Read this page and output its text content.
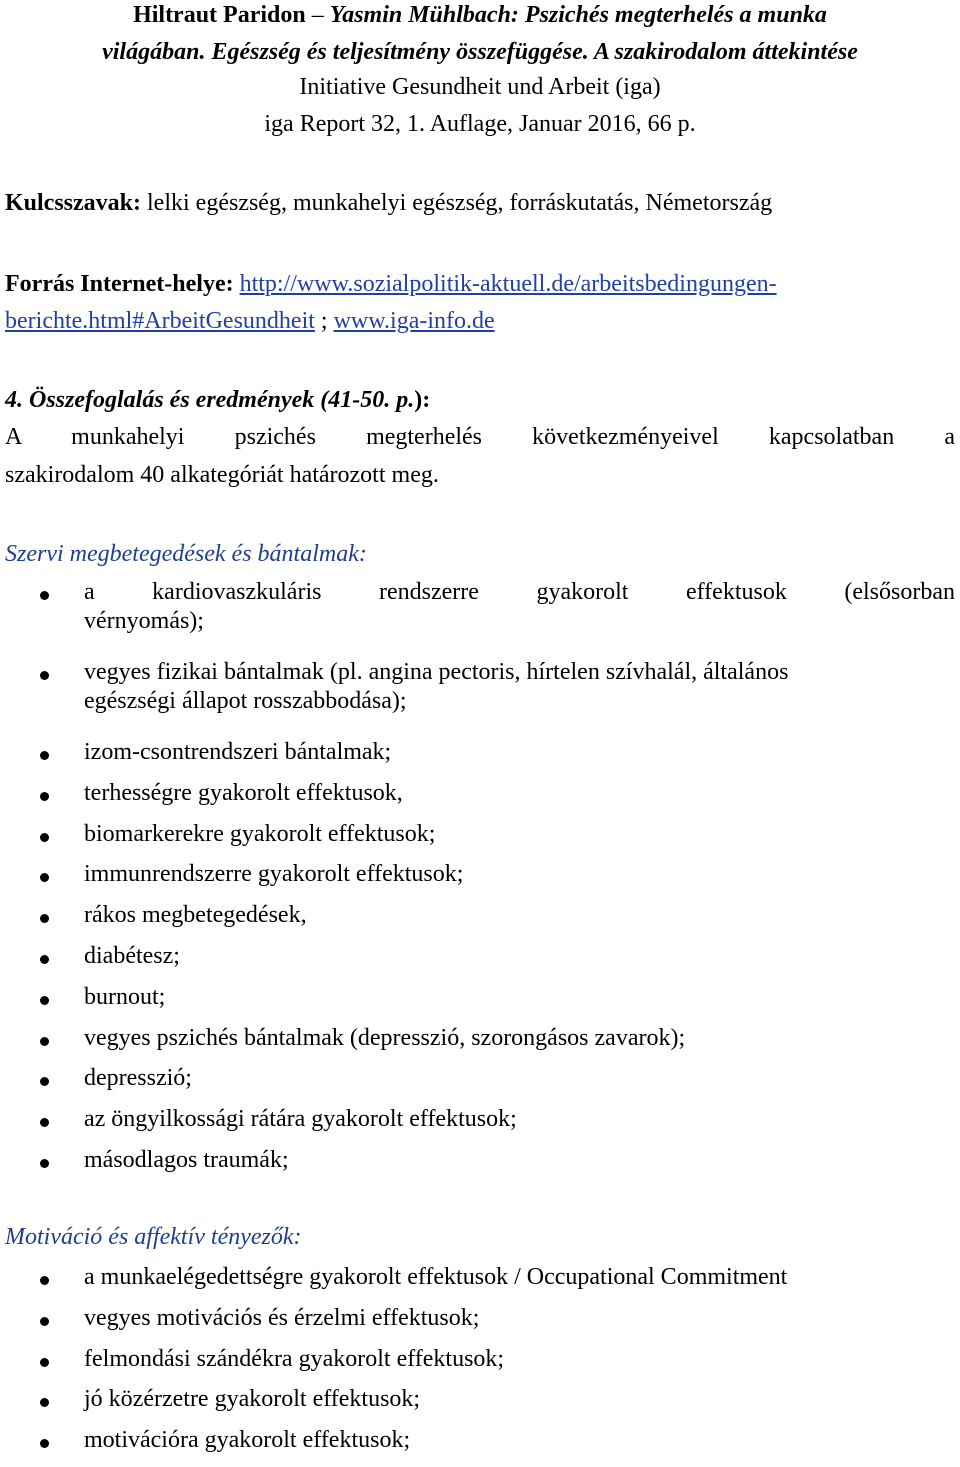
Hiltraut Paridon – Yasmin Mühlbach: Pszichés megterhelés a munka
világában. Egészség és teljesítmény összefüggése. A szakirodalom áttekintése
Initiative Gesundheit und Arbeit (iga)
iga Report 32, 1. Auflage, Januar 2016, 66 p.
Kulcsszavak: lelki egészség, munkahelyi egészség, forráskutatás, Németország
Forrás Internet-helye: http://www.sozialpolitik-aktuell.de/arbeitsbedingungen-
berichte.html#ArbeitGesundheit ; www.iga-info.de
4. Összefoglalás és eredmények (41-50. p.):
A munkahelyi pszichés megterhelés következményeivel kapcsolatban a
szakirodalom 40 alkategóriát határozott meg.
Szervi megbetegedések és bántalmak:
a kardiovaszkuláris rendszerre gyakorolt effektusok (elsősorban
vérnyomás);
vegyes fizikai bántalmak (pl. angina pectoris, hírtelen szívhalál, általános
egészségi állapot rosszabbodása);
izom-csontrendszeri bántalmak;
terhességre gyakorolt effektusok,
biomarkerekre gyakorolt effektusok;
immunrendszerre gyakorolt effektusok;
rákos megbetegedések,
diabétesz;
burnout;
vegyes pszichés bántalmak (depresszió, szorongásos zavarok);
depresszió;
az öngyilkossági rátára gyakorolt effektusok;
másodlagos traumák;
Motiváció és affektív tényezők:
a munkaelégedettségre gyakorolt effektusok / Occupational Commitment
vegyes motivációs és érzelmi effektusok;
felmondási szándékra gyakorolt effektusok;
jó közérzetre gyakorolt effektusok;
motivációra gyakorolt effektusok;
